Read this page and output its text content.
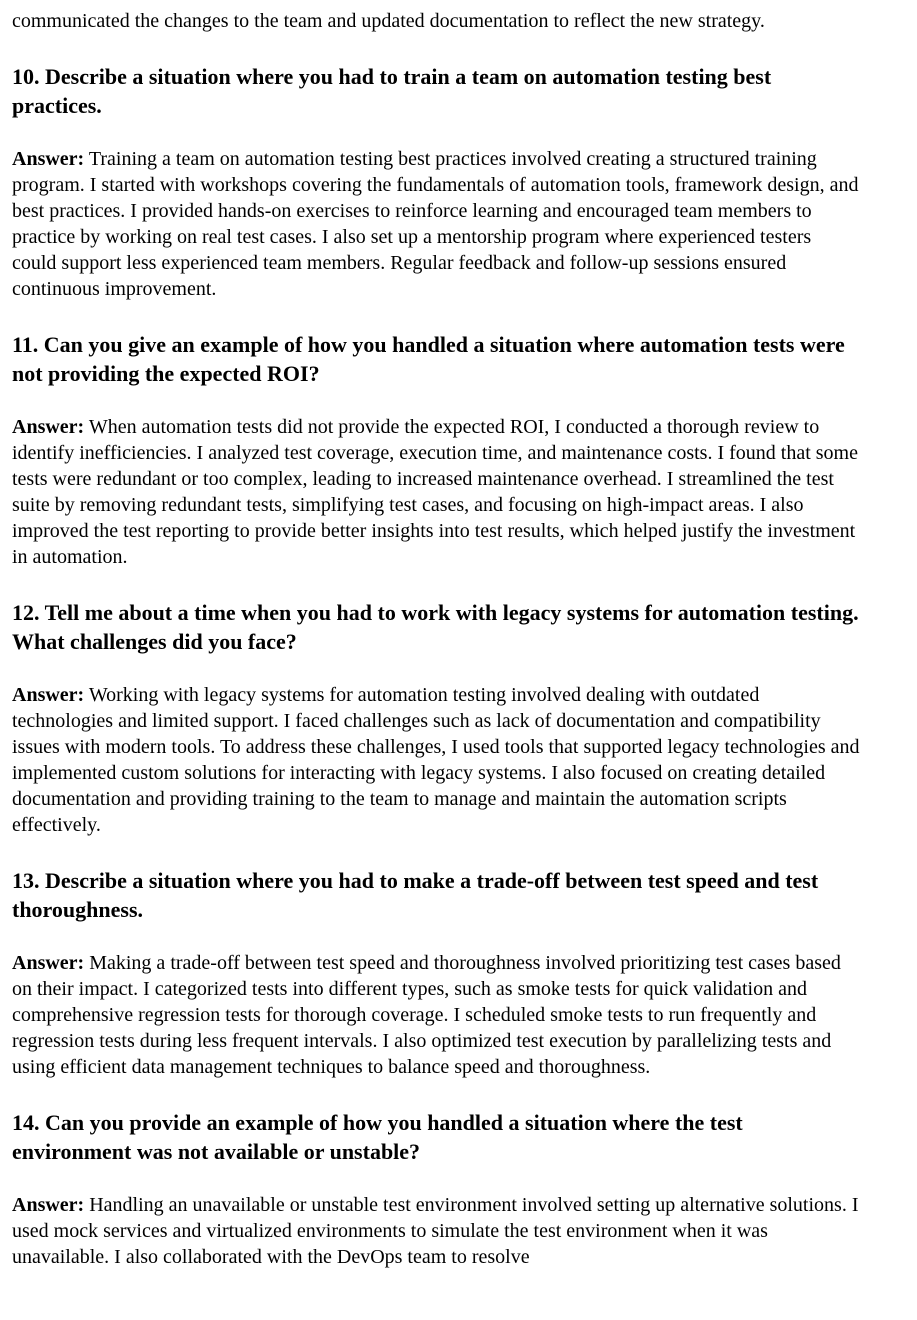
communicated the changes to the team and updated documentation to reflect the new strategy.

10. Describe a situation where you had to train a team on automation testing best practices.

Answer: Training a team on automation testing best practices involved creating a structured training program. I started with workshops covering the fundamentals of automation tools, framework design, and best practices. I provided hands-on exercises to reinforce learning and encouraged team members to practice by working on real test cases. I also set up a mentorship program where experienced testers could support less experienced team members. Regular feedback and follow-up sessions ensured continuous improvement.

11. Can you give an example of how you handled a situation where automation tests were not providing the expected ROI?

Answer: When automation tests did not provide the expected ROI, I conducted a thorough review to identify inefficiencies. I analyzed test coverage, execution time, and maintenance costs. I found that some tests were redundant or too complex, leading to increased maintenance overhead. I streamlined the test suite by removing redundant tests, simplifying test cases, and focusing on high-impact areas. I also improved the test reporting to provide better insights into test results, which helped justify the investment in automation.

12. Tell me about a time when you had to work with legacy systems for automation testing. What challenges did you face?

Answer: Working with legacy systems for automation testing involved dealing with outdated technologies and limited support. I faced challenges such as lack of documentation and compatibility issues with modern tools. To address these challenges, I used tools that supported legacy technologies and implemented custom solutions for interacting with legacy systems. I also focused on creating detailed documentation and providing training to the team to manage and maintain the automation scripts effectively.

13. Describe a situation where you had to make a trade-off between test speed and test thoroughness.

Answer: Making a trade-off between test speed and thoroughness involved prioritizing test cases based on their impact. I categorized tests into different types, such as smoke tests for quick validation and comprehensive regression tests for thorough coverage. I scheduled smoke tests to run frequently and regression tests during less frequent intervals. I also optimized test execution by parallelizing tests and using efficient data management techniques to balance speed and thoroughness.

14. Can you provide an example of how you handled a situation where the test environment was not available or unstable?

Answer: Handling an unavailable or unstable test environment involved setting up alternative solutions. I used mock services and virtualized environments to simulate the test environment when it was unavailable. I also collaborated with the DevOps team to resolve
